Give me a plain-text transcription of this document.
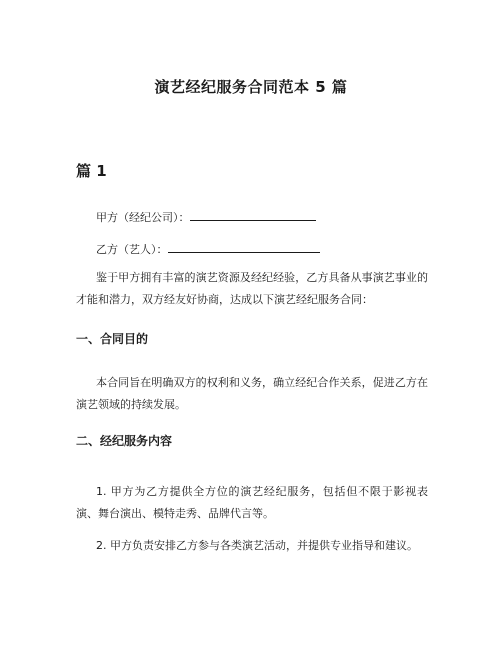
演艺经纪服务合同范本 5 篇
篇 1
甲方（经纪公司）：
乙方（艺人）：
鉴于甲方拥有丰富的演艺资源及经纪经验，乙方具备从事演艺事业的才能和潜力，双方经友好协商，达成以下演艺经纪服务合同：
一、合同目的
本合同旨在明确双方的权利和义务，确立经纪合作关系，促进乙方在演艺领域的持续发展。
二、经纪服务内容
1. 甲方为乙方提供全方位的演艺经纪服务，包括但不限于影视表演、舞台演出、模特走秀、品牌代言等。
2. 甲方负责安排乙方参与各类演艺活动，并提供专业指导和建议。
